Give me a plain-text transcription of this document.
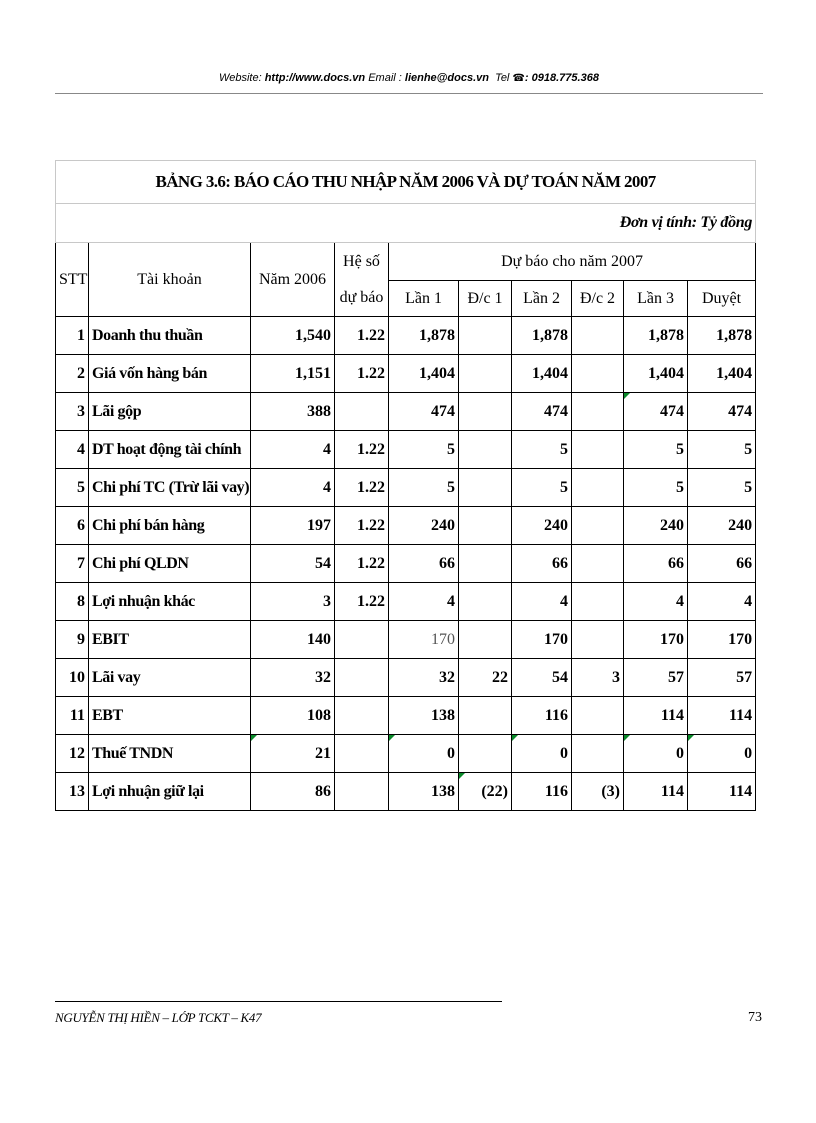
Website: http://www.docs.vn Email : lienhe@docs.vn Tel ☎: 0918.775.368
BẢNG 3.6: BÁO CÁO THU NHẬP NĂM 2006 VÀ DỰ TOÁN NĂM 2007									
Đơn vị tính: Tỷ đồng									
STT	Tài khoản	Năm 2006	Hệ số	Dự báo cho năm 2007					
			dự báo	Lần 1	Đ/c 1	Lần 2	Đ/c 2	Lần 3	Duyệt
1	Doanh thu thuần	1,540	1.22	1,878		1,878		1,878	1,878
2	Giá vốn hàng bán	1,151	1.22	1,404		1,404		1,404	1,404
3	Lãi gộp	388		474		474		474	474
4	DT hoạt động tài chính	4	1.22	5		5		5	5
5	Chi phí TC (Trừ lãi vay)	4	1.22	5		5		5	5
6	Chi phí bán hàng	197	1.22	240		240		240	240
7	Chi phí QLDN	54	1.22	66		66		66	66
8	Lợi nhuận khác	3	1.22	4		4		4	4
9	EBIT	140		170		170		170	170
10	Lãi vay	32		32	22	54	3	57	57
11	EBT	108		138		116		114	114
12	Thuế TNDN	21		0		0		0	0
13	Lợi nhuận giữ lại	86		138	(22)	116	(3)	114	114
NGUYỄN THỊ HIỀN – LỚP TCKT – K47	73
